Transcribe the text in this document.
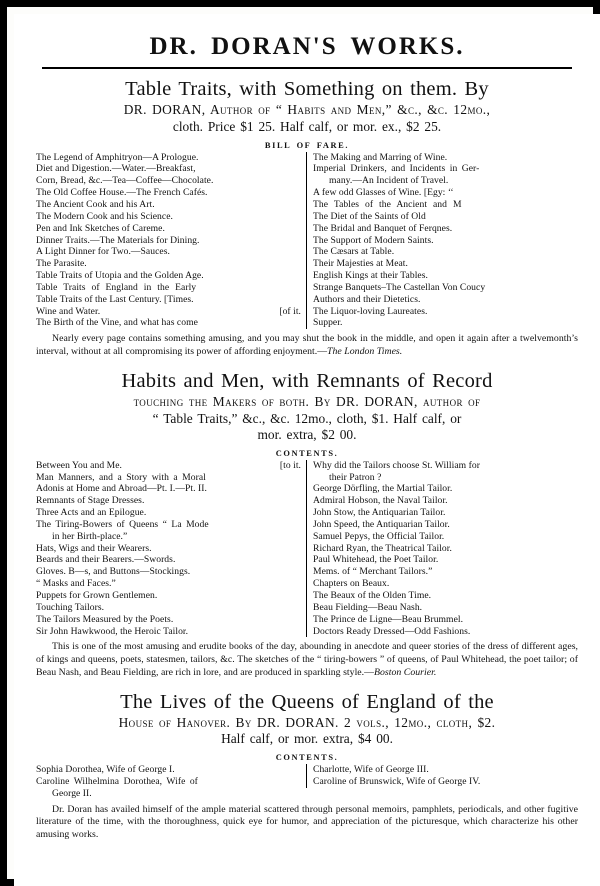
DR. DORAN'S WORKS.
Table Traits, with Something on them. By
DR. DORAN, Author of “ Habits and Men,” &c., &c. 12mo.,
cloth. Price $1 25. Half calf, or mor. ex., $2 25.
BILL OF FARE.
The Legend of Amphitryon—A Prologue.
Diet and Digestion.—Water.—Breakfast,
Corn, Bread, &c.—Tea—Coffee—Chocolate.
The Old Coffee House.—The French Cafés.
The Ancient Cook and his Art.
The Modern Cook and his Science.
Pen and Ink Sketches of Careme.
Dinner Traits.—The Materials for Dining.
A Light Dinner for Two.—Sauces.
The Parasite.
Table Traits of Utopia and the Golden Age.
Table Traits of England in the Early
Table Traits of the Last Century. [Times.
[of it.
Wine and Water.
The Birth of the Vine, and what has come
The Making and Marring of Wine.
Imperial Drinkers, and Incidents in Ger-
many.—An Incident of Travel.
A few odd Glasses of Wine. [Egy: ‘‘
The Tables of the Ancient and M
The Diet of the Saints of Old
The Bridal and Banquet of Ferqnes.
The Support of Modern Saints.
The Cæsars at Table.
Their Majesties at Meat.
English Kings at their Tables.
Strange Banquets–The Castellan Von Coucy
Authors and their Dietetics.
The Liquor-loving Laureates.
Supper.

Nearly every page contains something amusing, and you may shut the book in the middle, and open it again after a twelvemonth’s interval, without at all compromising its power of affording enjoyment.—The London Times.

Habits and Men, with Remnants of Record
touching the Makers of both. By DR. DORAN, author of
“ Table Traits,” &c., &c. 12mo., cloth, $1. Half calf, or
mor. extra, $2 00.
CONTENTS.
[to it.
Between You and Me.
Man Manners, and a Story with a Moral
Adonis at Home and Abroad—Pt. I.—Pt. II.
Remnants of Stage Dresses.
Three Acts and an Epilogue.
The Tiring-Bowers of Queens “ La Mode
in her Birth-place.”
Hats, Wigs and their Wearers.
Beards and their Bearers.—Swords.
Gloves. B—s, and Buttons—Stockings.
“ Masks and Faces.”
Puppets for Grown Gentlemen.
Touching Tailors.
The Tailors Measured by the Poets.
Sir John Hawkwood, the Heroic Tailor.
Why did the Tailors choose St. William for
their Patron ?
George Dörfling, the Martial Tailor.
Admiral Hobson, the Naval Tailor.
John Stow, the Antiquarian Tailor.
John Speed, the Antiquarian Tailor.
Samuel Pepys, the Official Tailor.
Richard Ryan, the Theatrical Tailor.
Paul Whitehead, the Poet Tailor.
Mems. of “ Merchant Tailors.”
Chapters on Beaux.
The Beaux of the Olden Time.
Beau Fielding—Beau Nash.
The Prince de Ligne—Beau Brummel.
Doctors Ready Dressed—Odd Fashions.

This is one of the most amusing and erudite books of the day, abounding in anecdote and queer stories of the dress of different ages, of kings and queens, poets, statesmen, tailors, &c. The sketches of the “ tiring-bowers ” of queens, of Paul Whitehead, the poet tailor; of Beau Nash, and Beau Fielding, are rich in lore, and are produced in sparkling style.—Boston Courier.

The Lives of the Queens of England of the
House of Hanover. By DR. DORAN. 2 vols., 12mo., cloth, $2.
Half calf, or mor. extra, $4 00.
CONTENTS.
Sophia Dorothea, Wife of George I.
Caroline Wilhelmina Dorothea, Wife of
George II.
Charlotte, Wife of George III.
Caroline of Brunswick, Wife of George IV.

Dr. Doran has availed himself of the ample material scattered through personal memoirs, pamphlets, periodicals, and other fugitive literature of the time, with the thoroughness, quick eye for humor, and appreciation of the picturesque, which characterize his other amusing works.
